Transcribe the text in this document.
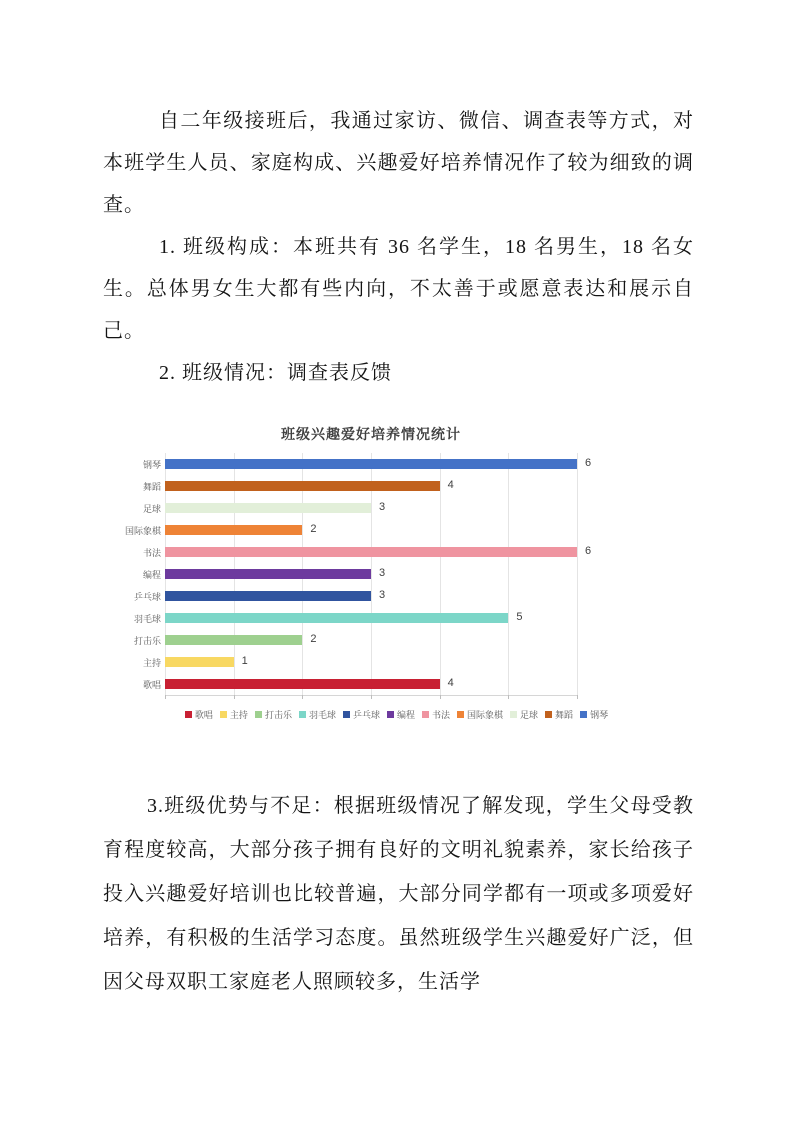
自二年级接班后，我通过家访、微信、调查表等方式，对本班学生人员、家庭构成、兴趣爱好培养情况作了较为细致的调查。

1. 班级构成：本班共有 36 名学生，18 名男生，18 名女生。总体男女生大都有些内向，不太善于或愿意表达和展示自己。

2. 班级情况：调查表反馈

班级兴趣爱好培养情况统计
钢琴	6
舞蹈	4
足球	3
国际象棋	2
书法	6
编程	3
乒乓球	3
羽毛球	5
打击乐	2
主持	1
歌唱	4
歌唱 主持 打击乐 羽毛球 乒乓球 编程 书法 国际象棋 足球 舞蹈 钢琴

3.班级优势与不足：根据班级情况了解发现，学生父母受教育程度较高，大部分孩子拥有良好的文明礼貌素养，家长给孩子投入兴趣爱好培训也比较普遍，大部分同学都有一项或多项爱好培养，有积极的生活学习态度。虽然班级学生兴趣爱好广泛，但因父母双职工家庭老人照顾较多，生活学
